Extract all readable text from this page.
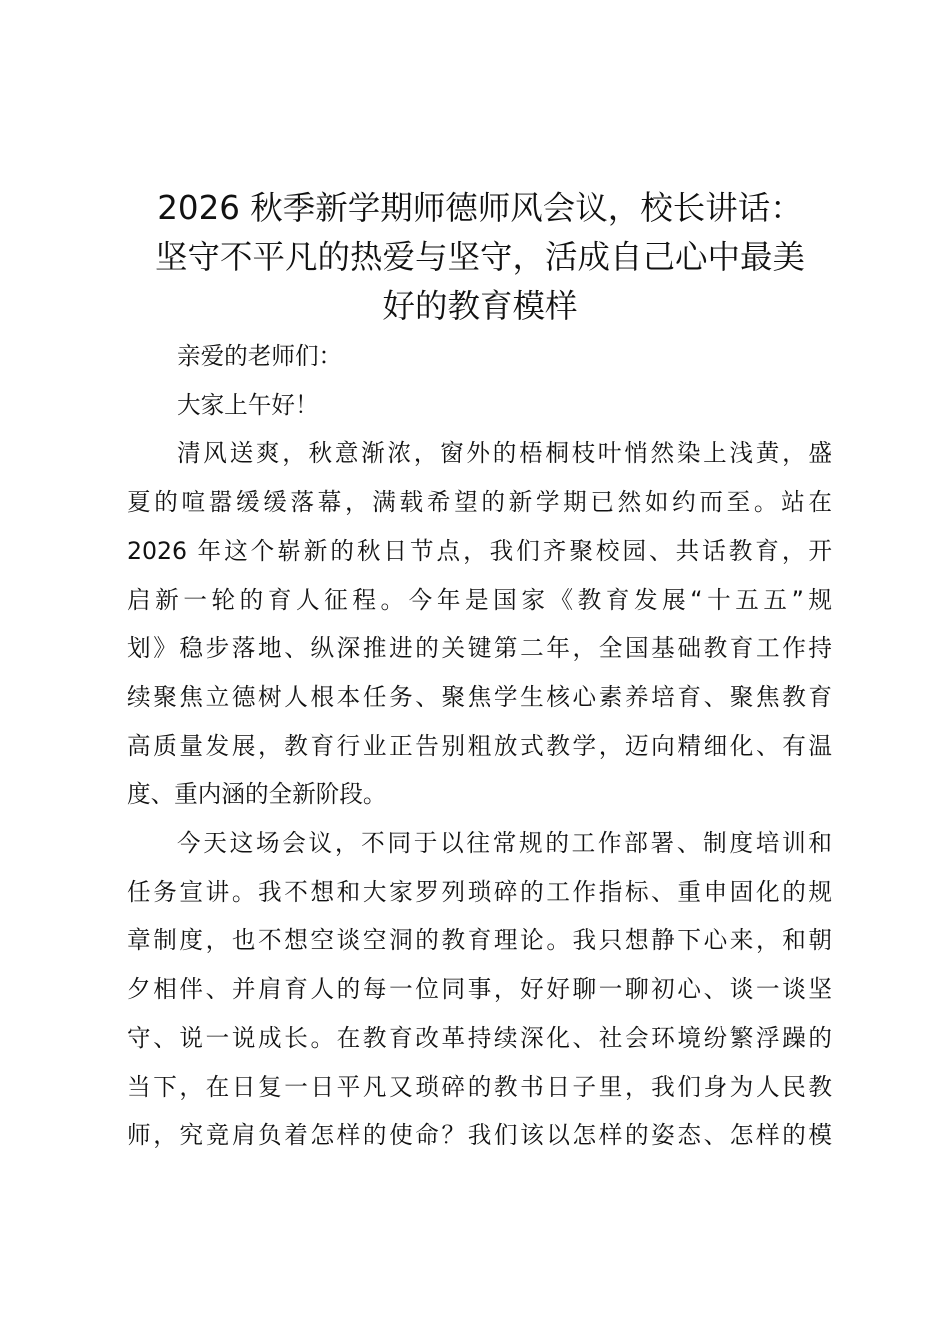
2026 秋季新学期师德师风会议，校长讲话：
坚守不平凡的热爱与坚守，活成自己心中最美
好的教育模样

亲爱的老师们：

大家上午好！

清风送爽，秋意渐浓，窗外的梧桐枝叶悄然染上浅黄，盛
夏的喧嚣缓缓落幕，满载希望的新学期已然如约而至。站在
2026 年这个崭新的秋日节点，我们齐聚校园、共话教育，开
启新一轮的育人征程。今年是国家《教育发展“十五五”规
划》稳步落地、纵深推进的关键第二年，全国基础教育工作持
续聚焦立德树人根本任务、聚焦学生核心素养培育、聚焦教育
高质量发展，教育行业正告别粗放式教学，迈向精细化、有温
度、重内涵的全新阶段。

今天这场会议，不同于以往常规的工作部署、制度培训和
任务宣讲。我不想和大家罗列琐碎的工作指标、重申固化的规
章制度，也不想空谈空洞的教育理论。我只想静下心来，和朝
夕相伴、并肩育人的每一位同事，好好聊一聊初心、谈一谈坚
守、说一说成长。在教育改革持续深化、社会环境纷繁浮躁的
当下，在日复一日平凡又琐碎的教书日子里，我们身为人民教
师，究竟肩负着怎样的使命？我们该以怎样的姿态、怎样的模
